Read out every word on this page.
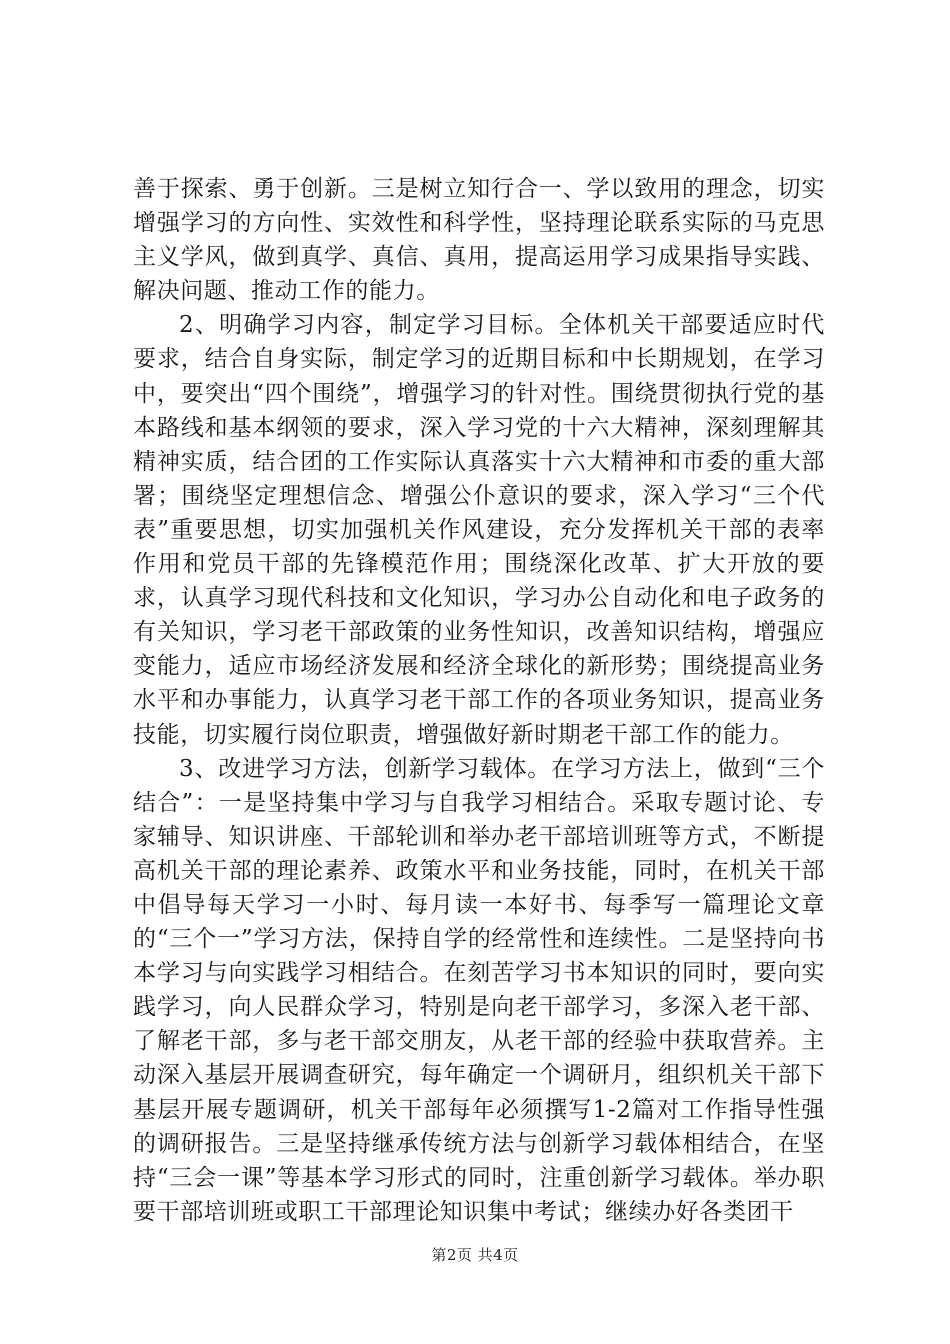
善于探索、勇于创新。三是树立知行合一、学以致用的理念，切实增强学习的方向性、实效性和科学性，坚持理论联系实际的马克思主义学风，做到真学、真信、真用，提高运用学习成果指导实践、解决问题、推动工作的能力。

2、明确学习内容，制定学习目标。全体机关干部要适应时代要求，结合自身实际，制定学习的近期目标和中长期规划，在学习中，要突出“四个围绕”，增强学习的针对性。围绕贯彻执行党的基本路线和基本纲领的要求，深入学习党的十六大精神，深刻理解其精神实质，结合团的工作实际认真落实十六大精神和市委的重大部署；围绕坚定理想信念、增强公仆意识的要求，深入学习“三个代表”重要思想，切实加强机关作风建设，充分发挥机关干部的表率作用和党员干部的先锋模范作用；围绕深化改革、扩大开放的要求，认真学习现代科技和文化知识，学习办公自动化和电子政务的有关知识，学习老干部政策的业务性知识，改善知识结构，增强应变能力，适应市场经济发展和经济全球化的新形势；围绕提高业务水平和办事能力，认真学习老干部工作的各项业务知识，提高业务技能，切实履行岗位职责，增强做好新时期老干部工作的能力。

3、改进学习方法，创新学习载体。在学习方法上，做到“三个结合”：一是坚持集中学习与自我学习相结合。采取专题讨论、专家辅导、知识讲座、干部轮训和举办老干部培训班等方式，不断提高机关干部的理论素养、政策水平和业务技能，同时，在机关干部中倡导每天学习一小时、每月读一本好书、每季写一篇理论文章的“三个一”学习方法，保持自学的经常性和连续性。二是坚持向书本学习与向实践学习相结合。在刻苦学习书本知识的同时，要向实践学习，向人民群众学习，特别是向老干部学习，多深入老干部、了解老干部，多与老干部交朋友，从老干部的经验中获取营养。主动深入基层开展调查研究，每年确定一个调研月，组织机关干部下基层开展专题调研，机关干部每年必须撰写1-2篇对工作指导性强的调研报告。三是坚持继承传统方法与创新学习载体相结合，在坚持“三会一课”等基本学习形式的同时，注重创新学习载体。举办职要干部培训班或职工干部理论知识集中考试；继续办好各类团干

第2页 共4页
